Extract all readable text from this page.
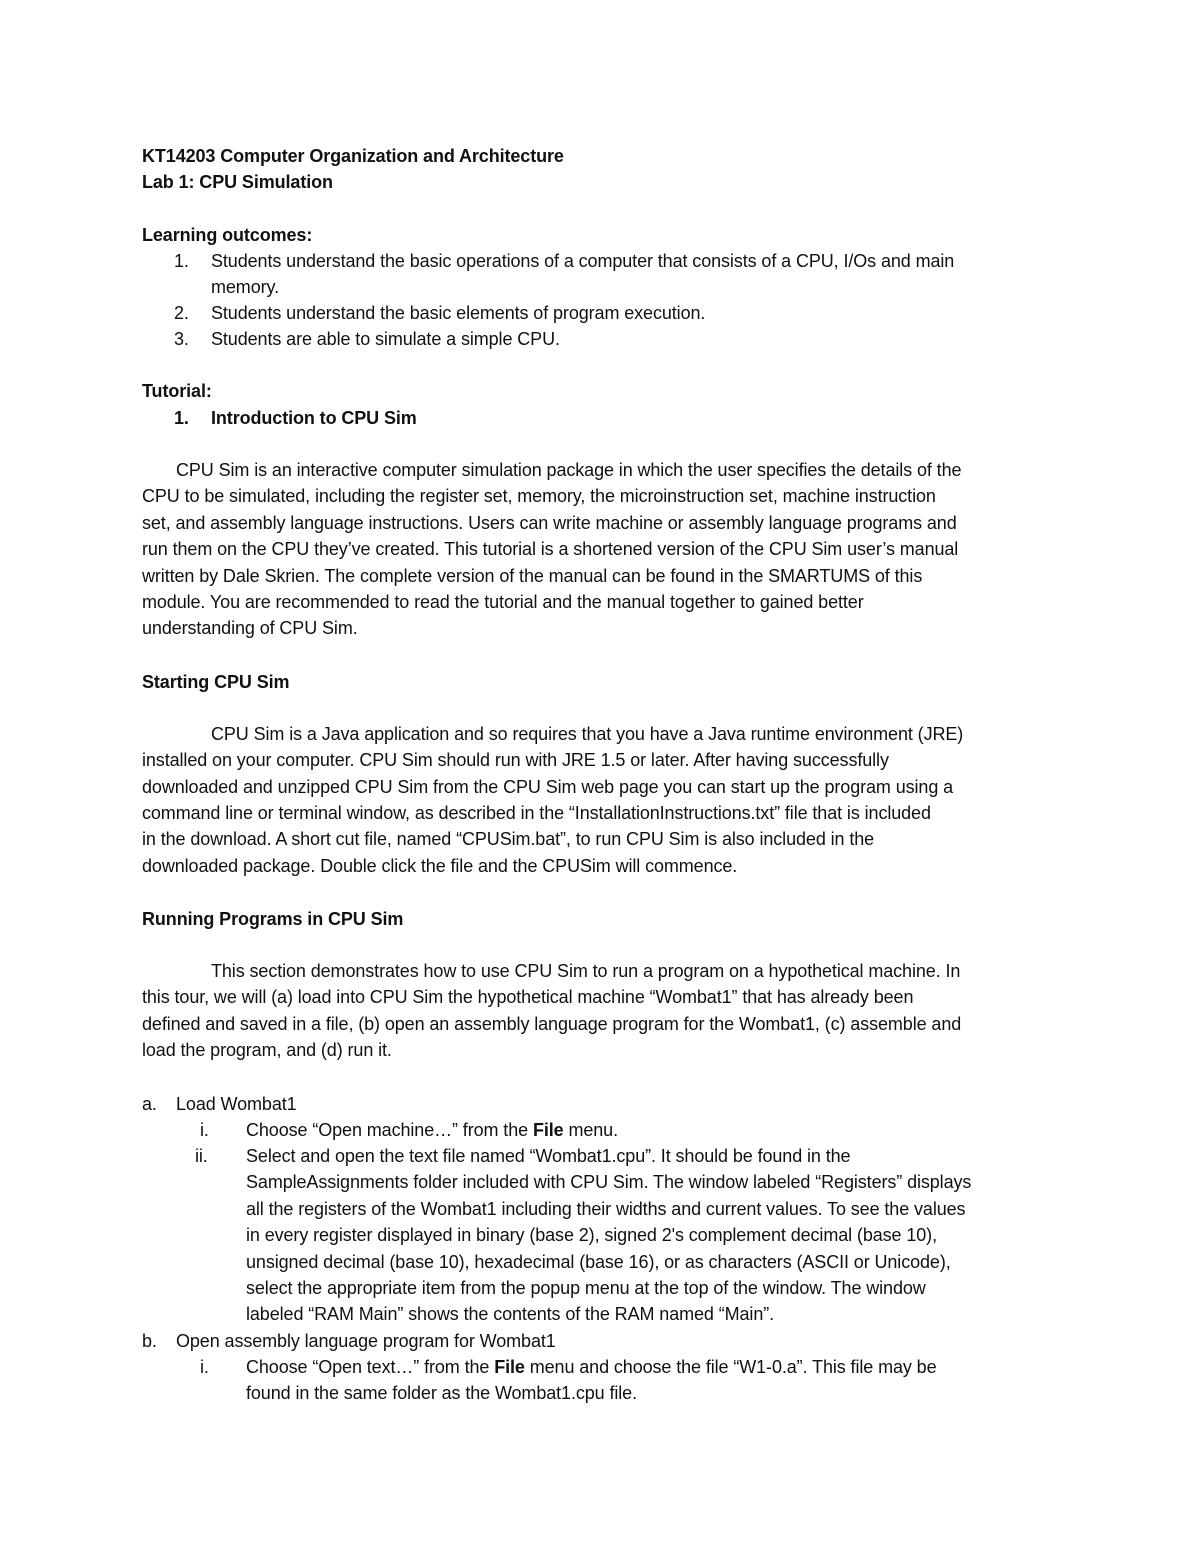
KT14203 Computer Organization and Architecture
Lab 1: CPU Simulation
Learning outcomes:
1. Students understand the basic operations of a computer that consists of a CPU, I/Os and main
memory.
2. Students understand the basic elements of program execution.
3. Students are able to simulate a simple CPU.
Tutorial:
1. Introduction to CPU Sim
CPU Sim is an interactive computer simulation package in which the user specifies the details of the
CPU to be simulated, including the register set, memory, the microinstruction set, machine instruction
set, and assembly language instructions. Users can write machine or assembly language programs and
run them on the CPU they’ve created. This tutorial is a shortened version of the CPU Sim user’s manual
written by Dale Skrien. The complete version of the manual can be found in the SMARTUMS of this
module. You are recommended to read the tutorial and the manual together to gained better
understanding of CPU Sim.
Starting CPU Sim
CPU Sim is a Java application and so requires that you have a Java runtime environment (JRE)
installed on your computer. CPU Sim should run with JRE 1.5 or later. After having successfully
downloaded and unzipped CPU Sim from the CPU Sim web page you can start up the program using a
command line or terminal window, as described in the “InstallationInstructions.txt” file that is included
in the download. A short cut file, named “CPUSim.bat”, to run CPU Sim is also included in the
downloaded package. Double click the file and the CPUSim will commence.
Running Programs in CPU Sim
This section demonstrates how to use CPU Sim to run a program on a hypothetical machine. In
this tour, we will (a) load into CPU Sim the hypothetical machine “Wombat1” that has already been
defined and saved in a file, (b) open an assembly language program for the Wombat1, (c) assemble and
load the program, and (d) run it.
a. Load Wombat1
i. Choose “Open machine…” from the File menu.
ii. Select and open the text file named “Wombat1.cpu”. It should be found in the
SampleAssignments folder included with CPU Sim. The window labeled “Registers” displays
all the registers of the Wombat1 including their widths and current values. To see the values
in every register displayed in binary (base 2), signed 2's complement decimal (base 10),
unsigned decimal (base 10), hexadecimal (base 16), or as characters (ASCII or Unicode),
select the appropriate item from the popup menu at the top of the window. The window
labeled “RAM Main” shows the contents of the RAM named “Main”.
b. Open assembly language program for Wombat1
i. Choose “Open text…” from the File menu and choose the file “W1-0.a”. This file may be
found in the same folder as the Wombat1.cpu file.
